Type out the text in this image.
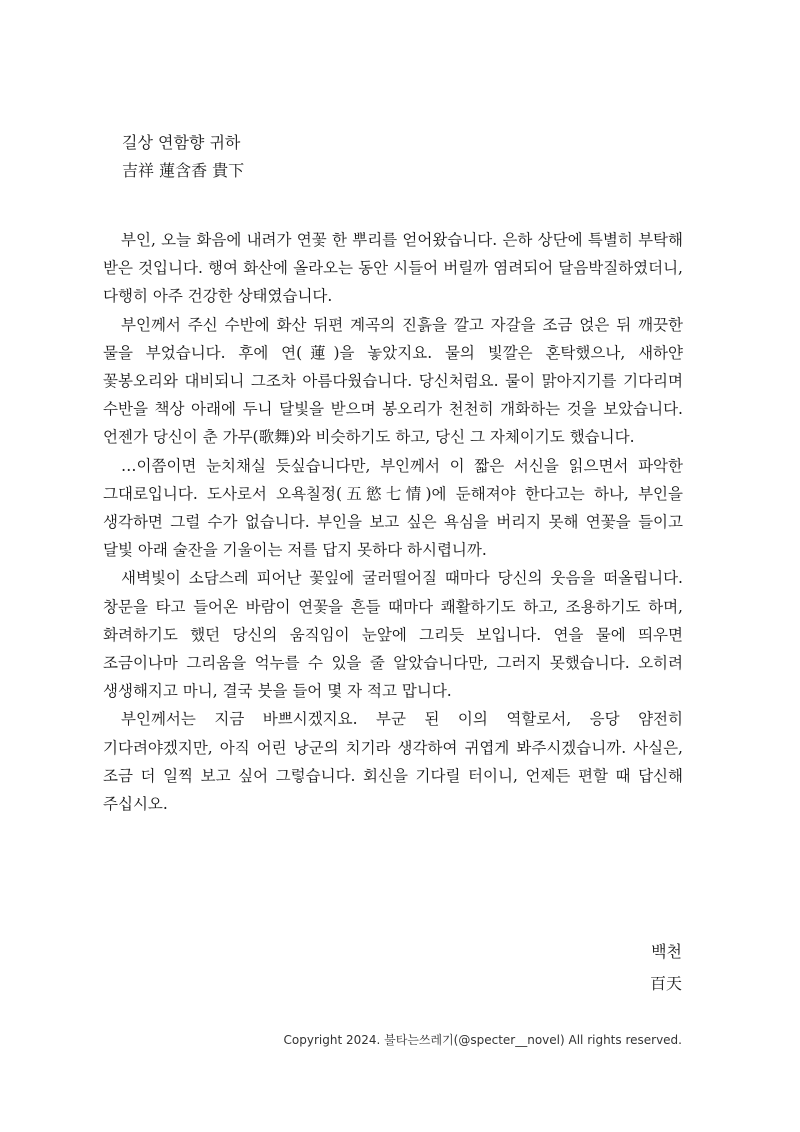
길상 연함향 귀하
吉祥 蓮含香 貴下

부인, 오늘 화음에 내려가 연꽃 한 뿌리를 얻어왔습니다. 은하 상단에 특별히 부탁해 받은 것입니다. 행여 화산에 올라오는 동안 시들어 버릴까 염려되어 달음박질하였더니, 다행히 아주 건강한 상태였습니다.

부인께서 주신 수반에 화산 뒤편 계곡의 진흙을 깔고 자갈을 조금 얹은 뒤 깨끗한 물을 부었습니다. 후에 연(蓮)을 놓았지요. 물의 빛깔은 혼탁했으나, 새하얀 꽃봉오리와 대비되니 그조차 아름다웠습니다. 당신처럼요. 물이 맑아지기를 기다리며 수반을 책상 아래에 두니 달빛을 받으며 봉오리가 천천히 개화하는 것을 보았습니다. 언젠가 당신이 춘 가무(歌舞)와 비슷하기도 하고, 당신 그 자체이기도 했습니다.

…이쯤이면 눈치채실 듯싶습니다만, 부인께서 이 짧은 서신을 읽으면서 파악한 그대로입니다. 도사로서 오욕칠정(五慾七情)에 둔해져야 한다고는 하나, 부인을 생각하면 그럴 수가 없습니다. 부인을 보고 싶은 욕심을 버리지 못해 연꽃을 들이고 달빛 아래 술잔을 기울이는 저를 답지 못하다 하시렵니까.

새벽빛이 소담스레 피어난 꽃잎에 굴러떨어질 때마다 당신의 웃음을 떠올립니다. 창문을 타고 들어온 바람이 연꽃을 흔들 때마다 쾌활하기도 하고, 조용하기도 하며, 화려하기도 했던 당신의 움직임이 눈앞에 그리듯 보입니다. 연을 물에 띄우면 조금이나마 그리움을 억누를 수 있을 줄 알았습니다만, 그러지 못했습니다. 오히려 생생해지고 마니, 결국 붓을 들어 몇 자 적고 맙니다.

부인께서는 지금 바쁘시겠지요. 부군 된 이의 역할로서, 응당 얌전히 기다려야겠지만, 아직 어린 낭군의 치기라 생각하여 귀엽게 봐주시겠습니까. 사실은, 조금 더 일찍 보고 싶어 그렇습니다. 회신을 기다릴 터이니, 언제든 편할 때 답신해 주십시오.

백천
百天
Copyright 2024. 불타는쓰레기(@specter__novel) All rights reserved.
